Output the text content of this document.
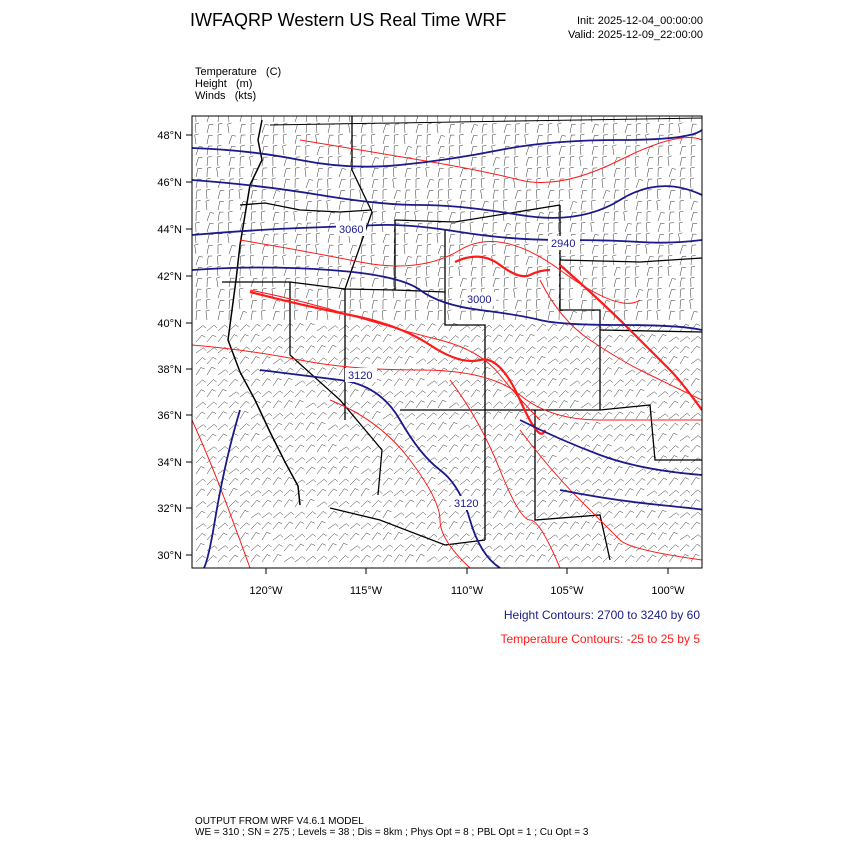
IWFAQRP Western US Real Time WRF	Init: 2025-12-04_00:00:00
Valid: 2025-12-09_22:00:00
Temperature   (C)
Height   (m)
Winds   (kts)
3060
3000
3120
3120
2940
48°N
46°N
44°N
42°N
40°N
38°N
36°N
34°N
32°N
30°N
120°W	115°W	110°W	105°W	100°W
Height Contours: 2700 to 3240 by 60
Temperature Contours: -25 to 25 by 5
OUTPUT FROM WRF V4.6.1 MODEL
WE = 310 ; SN = 275 ; Levels = 38 ; Dis = 8km ; Phys Opt = 8 ; PBL Opt = 1 ; Cu Opt = 3
